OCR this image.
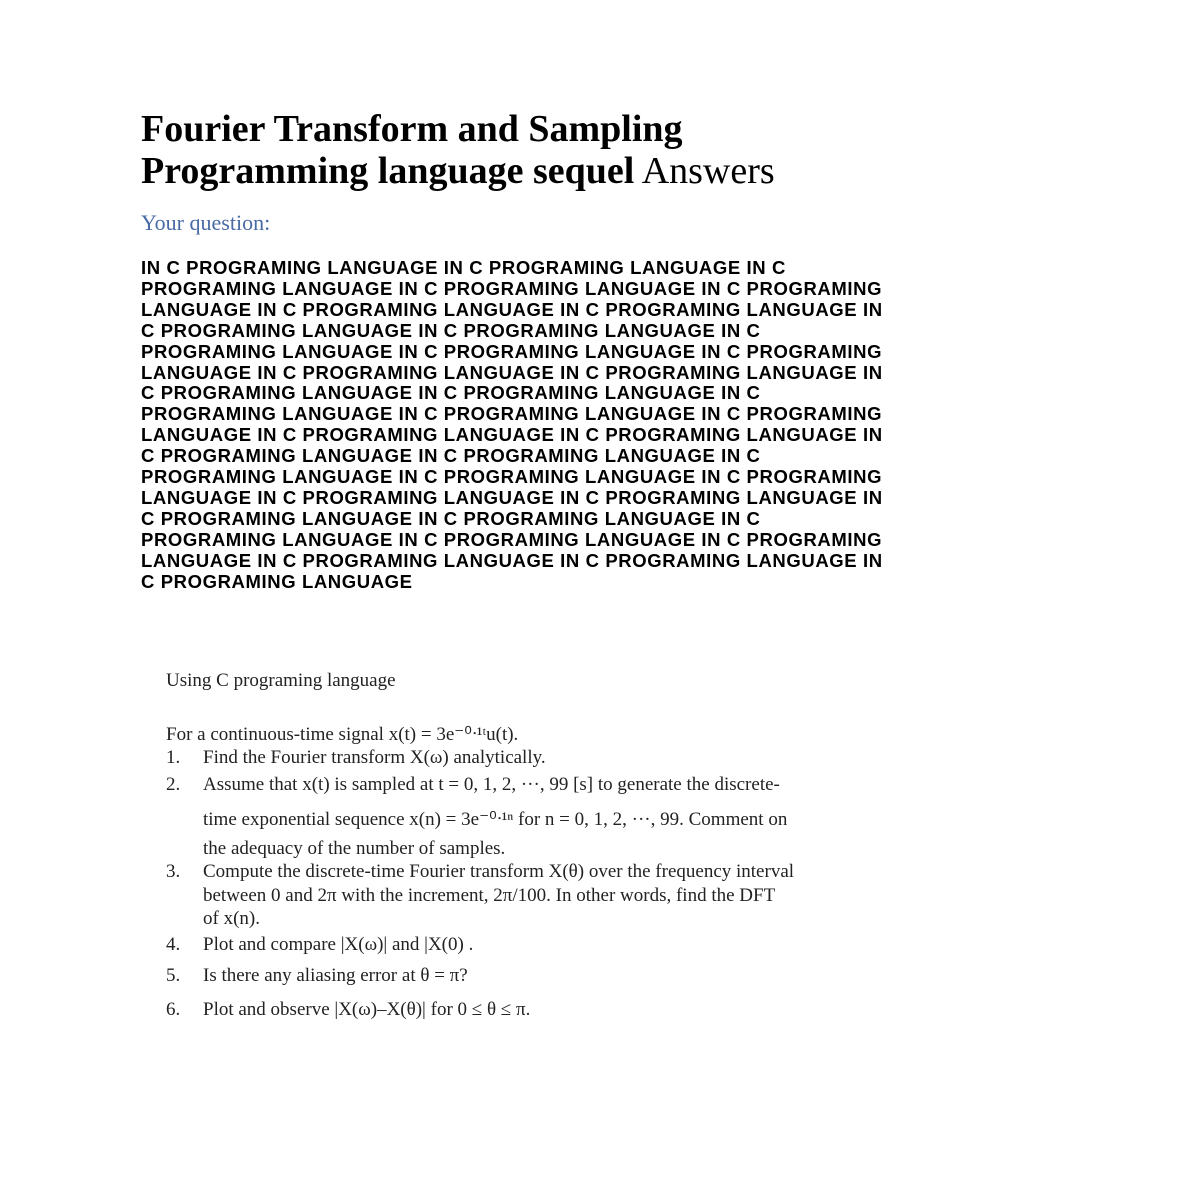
Fourier Transform and Sampling
Programming language sequel Answers
Your question:
IN C PROGRAMING LANGUAGE IN C PROGRAMING LANGUAGE IN C
PROGRAMING LANGUAGE IN C PROGRAMING LANGUAGE IN C PROGRAMING
LANGUAGE IN C PROGRAMING LANGUAGE IN C PROGRAMING LANGUAGE IN
C PROGRAMING LANGUAGE IN C PROGRAMING LANGUAGE IN C
PROGRAMING LANGUAGE IN C PROGRAMING LANGUAGE IN C PROGRAMING
LANGUAGE IN C PROGRAMING LANGUAGE IN C PROGRAMING LANGUAGE IN
C PROGRAMING LANGUAGE IN C PROGRAMING LANGUAGE IN C
PROGRAMING LANGUAGE IN C PROGRAMING LANGUAGE IN C PROGRAMING
LANGUAGE IN C PROGRAMING LANGUAGE IN C PROGRAMING LANGUAGE IN
C PROGRAMING LANGUAGE IN C PROGRAMING LANGUAGE IN C
PROGRAMING LANGUAGE IN C PROGRAMING LANGUAGE IN C PROGRAMING
LANGUAGE IN C PROGRAMING LANGUAGE IN C PROGRAMING LANGUAGE IN
C PROGRAMING LANGUAGE IN C PROGRAMING LANGUAGE IN C
PROGRAMING LANGUAGE IN C PROGRAMING LANGUAGE IN C PROGRAMING
LANGUAGE IN C PROGRAMING LANGUAGE IN C PROGRAMING LANGUAGE IN
C PROGRAMING LANGUAGE
Using C programing language
For a continuous-time signal x(t) = 3e⁻⁰ᐧ¹ᵗu(t).
1. Find the Fourier transform X(ω) analytically.
2. Assume that x(t) is sampled at t = 0, 1, 2, ···, 99 [s] to generate the discrete-
time exponential sequence x(n) = 3e⁻⁰ᐧ¹ⁿ for n = 0, 1, 2, ···, 99. Comment on
the adequacy of the number of samples.
3. Compute the discrete-time Fourier transform X(θ) over the frequency interval
between 0 and 2π with the increment, 2π/100. In other words, find the DFT
of x(n).
4. Plot and compare |X(ω)| and |X(0) .
5. Is there any aliasing error at θ = π?
6. Plot and observe |X(ω)–X(θ)| for 0 ≤ θ ≤ π.
